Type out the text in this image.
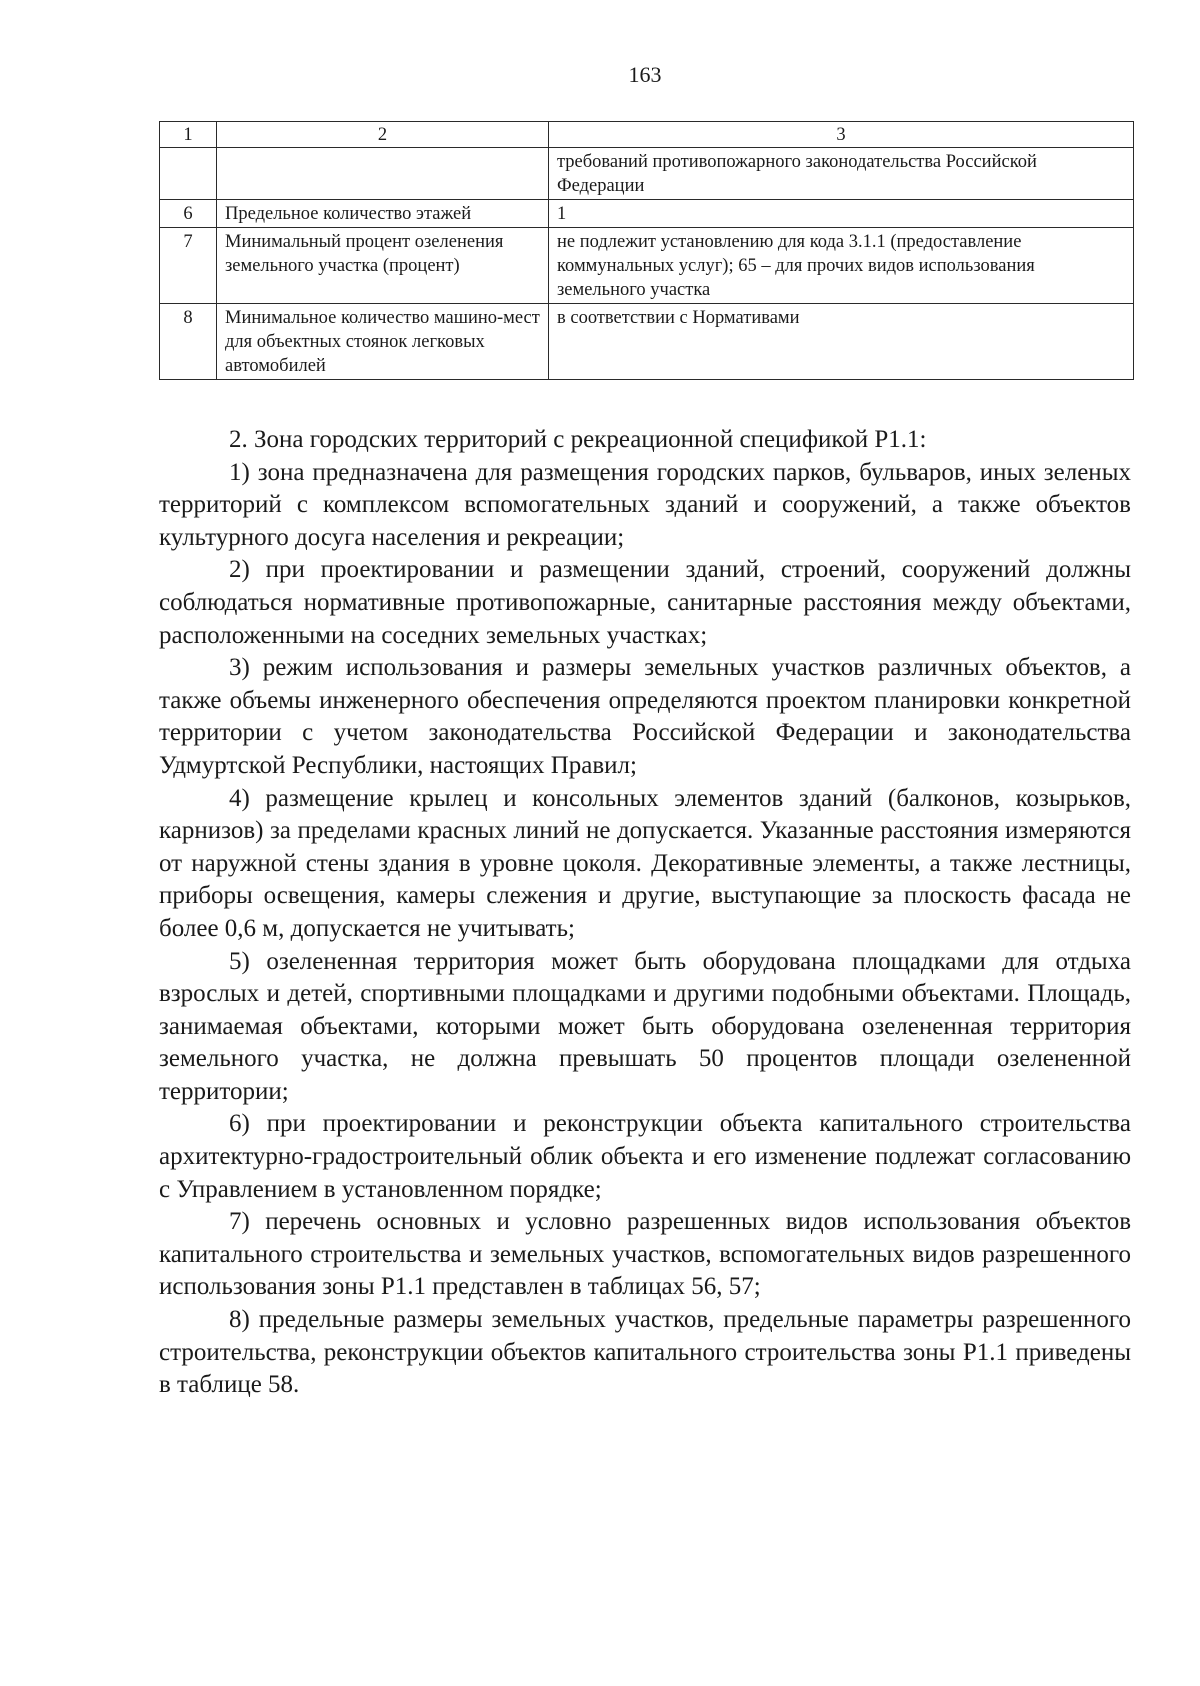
163
1	2	3
		требований противопожарного законодательства Российской Федерации
6	Предельное количество этажей	1
7	Минимальный процент озеленения земельного участка (процент)	не подлежит установлению для кода 3.1.1 (предоставление коммунальных услуг); 65 – для прочих видов использования земельного участка
8	Минимальное количество машино-мест для объектных стоянок легковых автомобилей	в соответствии с Нормативами

2. Зона городских территорий с рекреационной спецификой Р1.1:

1) зона предназначена для размещения городских парков, бульваров, иных зеленых территорий с комплексом вспомогательных зданий и сооружений, а также объектов культурного досуга населения и рекреации;

2) при проектировании и размещении зданий, строений, сооружений должны соблюдаться нормативные противопожарные, санитарные расстояния между объектами, расположенными на соседних земельных участках;

3) режим использования и размеры земельных участков различных объектов, а также объемы инженерного обеспечения определяются проектом планировки конкретной территории с учетом законодательства Российской Федерации и законодательства Удмуртской Республики, настоящих Правил;

4) размещение крылец и консольных элементов зданий (балконов, козырьков, карнизов) за пределами красных линий не допускается. Указанные расстояния измеряются от наружной стены здания в уровне цоколя. Декоративные элементы, а также лестницы, приборы освещения, камеры слежения и другие, выступающие за плоскость фасада не более 0,6 м, допускается не учитывать;

5) озелененная территория может быть оборудована площадками для отдыха взрослых и детей, спортивными площадками и другими подобными объектами. Площадь, занимаемая объектами, которыми может быть оборудована озелененная территория земельного участка, не должна превышать 50 процентов площади озелененной территории;

6) при проектировании и реконструкции объекта капитального строительства архитектурно-градостроительный облик объекта и его изменение подлежат согласованию с Управлением в установленном порядке;

7) перечень основных и условно разрешенных видов использования объектов капитального строительства и земельных участков, вспомогательных видов разрешенного использования зоны Р1.1 представлен в таблицах 56, 57;

8) предельные размеры земельных участков, предельные параметры разрешенного строительства, реконструкции объектов капитального строительства зоны Р1.1 приведены в таблице 58.
